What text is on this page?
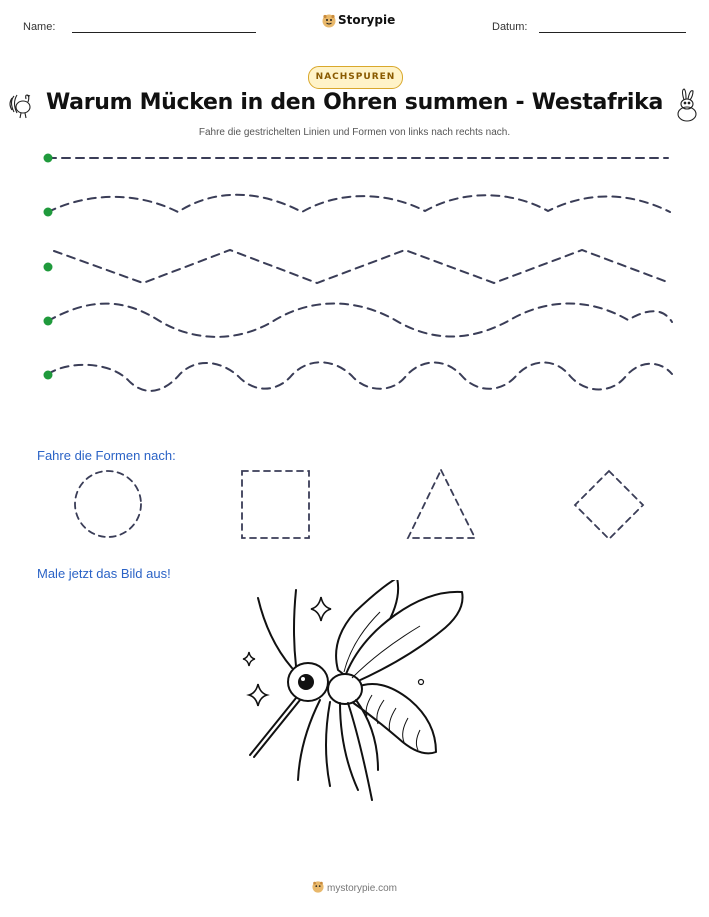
Name:	Storypie	Datum:
NACHSPUREN
Warum Mücken in den Ohren summen - Westafrika
Fahre die gestrichelten Linien und Formen von links nach rechts nach.
Fahre die Formen nach:
Male jetzt das Bild aus!
mystorypie.com
